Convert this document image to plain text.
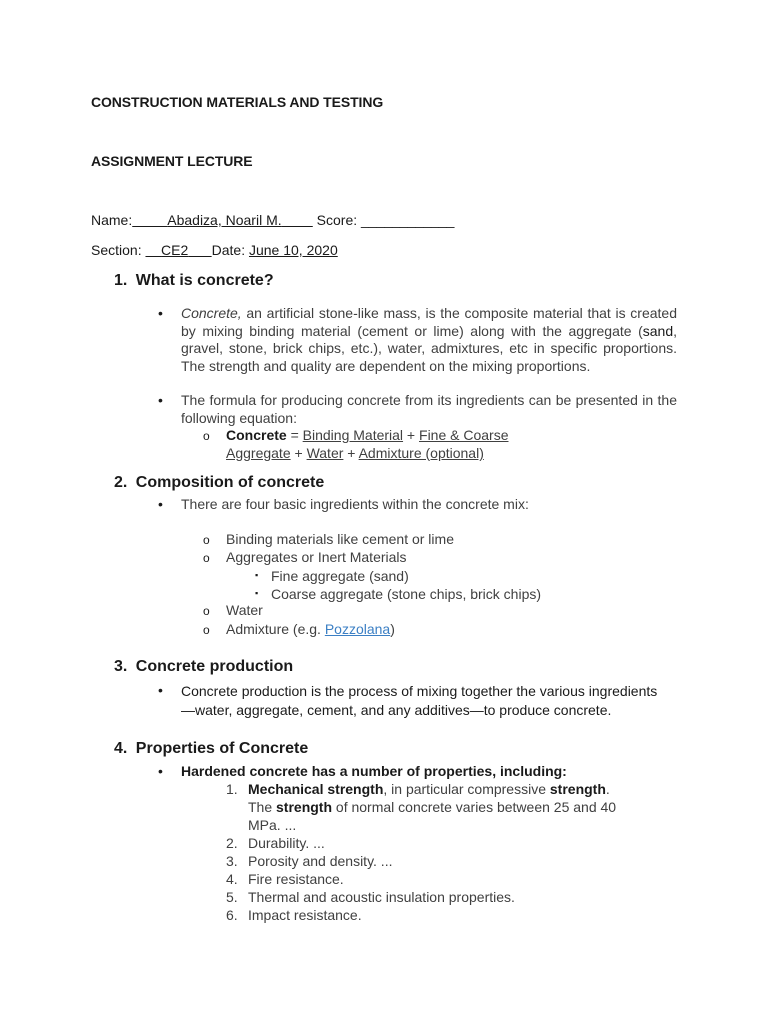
CONSTRUCTION MATERIALS AND TESTING
ASSIGNMENT LECTURE
Name:​         Abadiza, Noaril M.	Score: ____________
Section: CE2 Date: June 10, 2020
1. What is concrete?
• Concrete, an artificial stone-like mass, is the composite material that is created by mixing binding material (cement or lime) along with the aggregate (sand, gravel, stone, brick chips, etc.), water, admixtures, etc in specific proportions. The strength and quality are dependent on the mixing proportions.
• The formula for producing concrete from its ingredients can be presented in the following equation:
o Concrete = Binding Material + Fine & Coarse
Aggregate + Water + Admixture (optional)
2. Composition of concrete
• There are four basic ingredients within the concrete mix:
o Binding materials like cement or lime
o Aggregates or Inert Materials
▪ Fine aggregate (sand)
▪ Coarse aggregate (stone chips, brick chips)
o Water
o Admixture (e.g. Pozzolana)
3. Concrete production
• Concrete production is the process of mixing together the various ingredients—water, aggregate, cement, and any additives—to produce concrete.
4. Properties of Concrete
• Hardened concrete has a number of properties, including:
1. Mechanical strength, in particular compressive strength.
The strength of normal concrete varies between 25 and 40
MPa. ...
2. Durability. ...
3. Porosity and density. ...
4. Fire resistance.
5. Thermal and acoustic insulation properties.
6. Impact resistance.
